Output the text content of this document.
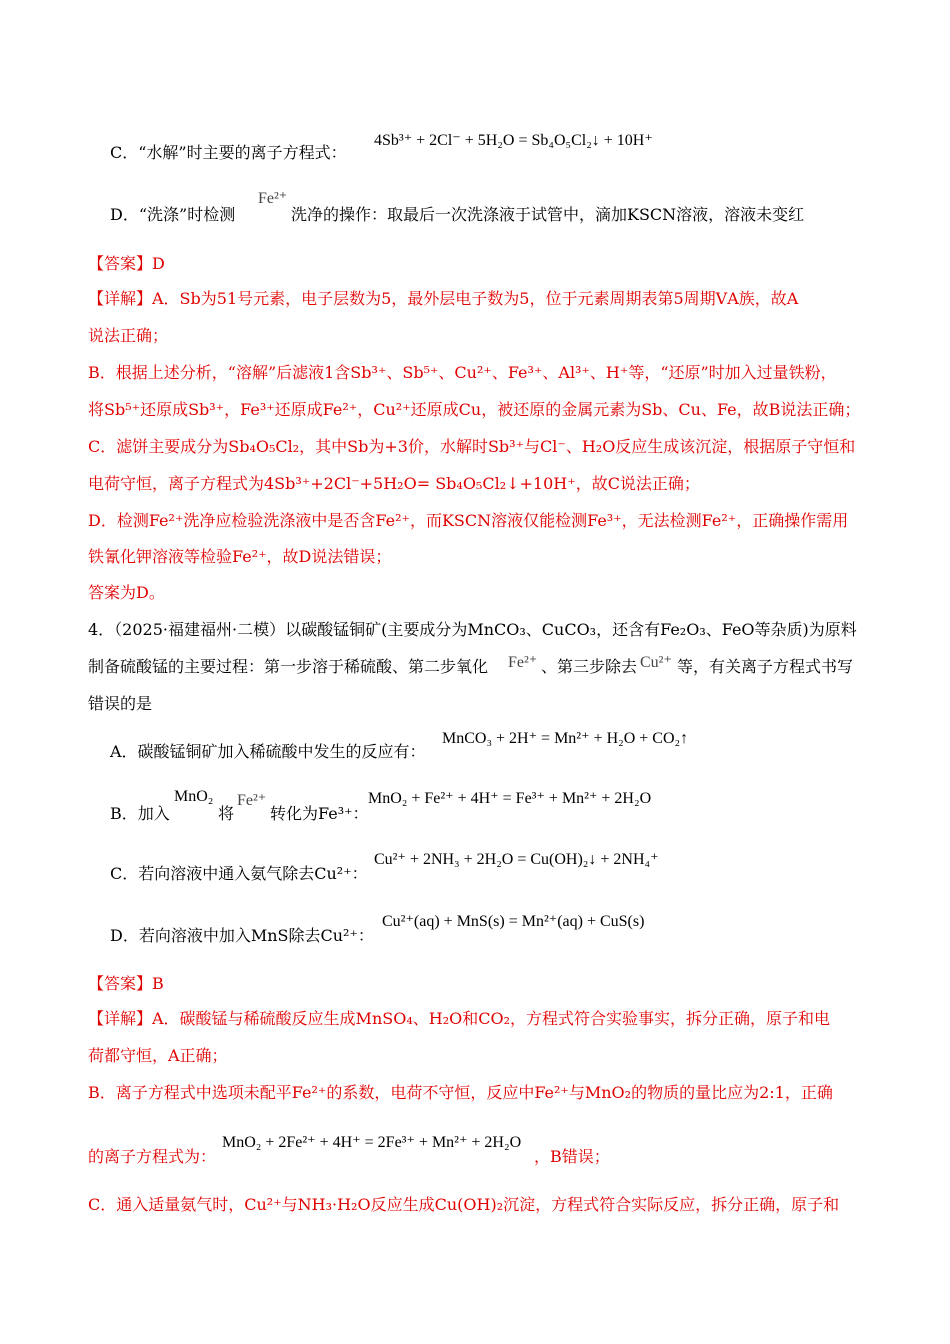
C．“水解”时主要的离子方程式：
4Sb³⁺ + 2Cl⁻ + 5H₂O = Sb₄O₅Cl₂↓ + 10H⁺
D．“洗涤”时检测
Fe²⁺
洗净的操作：取最后一次洗涤液于试管中，滴加KSCN溶液，溶液未变红
【答案】D
【详解】A．Sb为51号元素，电子层数为5，最外层电子数为5，位于元素周期表第5周期ⅤA族，故A
说法正确；
B．根据上述分析，“溶解”后滤液1含Sb³⁺、Sb⁵⁺、Cu²⁺、Fe³⁺、Al³⁺、H⁺等，“还原”时加入过量铁粉，
将Sb⁵⁺还原成Sb³⁺，Fe³⁺还原成Fe²⁺，Cu²⁺还原成Cu，被还原的金属元素为Sb、Cu、Fe，故B说法正确；
C．滤饼主要成分为Sb₄O₅Cl₂，其中Sb为+3价，水解时Sb³⁺与Cl⁻、H₂O反应生成该沉淀，根据原子守恒和
电荷守恒，离子方程式为4Sb³⁺+2Cl⁻+5H₂O= Sb₄O₅Cl₂↓+10H⁺，故C说法正确；
D．检测Fe²⁺洗净应检验洗涤液中是否含Fe²⁺，而KSCN溶液仅能检测Fe³⁺，无法检测Fe²⁺，正确操作需用
铁氰化钾溶液等检验Fe²⁺，故D说法错误；
答案为D。
4．（2025·福建福州·二模）以碳酸锰铜矿(主要成分为MnCO₃、CuCO₃，还含有Fe₂O₃、FeO等杂质)为原料
制备硫酸锰的主要过程：第一步溶于稀硫酸、第二步氧化 Fe²⁺ 、第三步除去 Cu²⁺ 等，有关离子方程式书写
错误的是
A．碳酸锰铜矿加入稀硫酸中发生的反应有：
MnCO₃ + 2H⁺ = Mn²⁺ + H₂O + CO₂↑
B．加入
MnO₂
将
Fe²⁺
转化为Fe³⁺：
MnO₂ + Fe²⁺ + 4H⁺ = Fe³⁺ + Mn²⁺ + 2H₂O
C．若向溶液中通入氨气除去Cu²⁺：
Cu²⁺ + 2NH₃ + 2H₂O = Cu(OH)₂↓ + 2NH₄⁺
D．若向溶液中加入MnS除去Cu²⁺：
Cu²⁺(aq) + MnS(s) = Mn²⁺(aq) + CuS(s)
【答案】B
【详解】A．碳酸锰与稀硫酸反应生成MnSO₄、H₂O和CO₂，方程式符合实验事实，拆分正确，原子和电
荷都守恒，A正确；
B．离子方程式中选项未配平Fe²⁺的系数，电荷不守恒，反应中Fe²⁺与MnO₂的物质的量比应为2:1，正确
的离子方程式为：
MnO₂ + 2Fe²⁺ + 4H⁺ = 2Fe³⁺ + Mn²⁺ + 2H₂O
，B错误；
C．通入适量氨气时，Cu²⁺与NH₃·H₂O反应生成Cu(OH)₂沉淀，方程式符合实际反应，拆分正确，原子和
